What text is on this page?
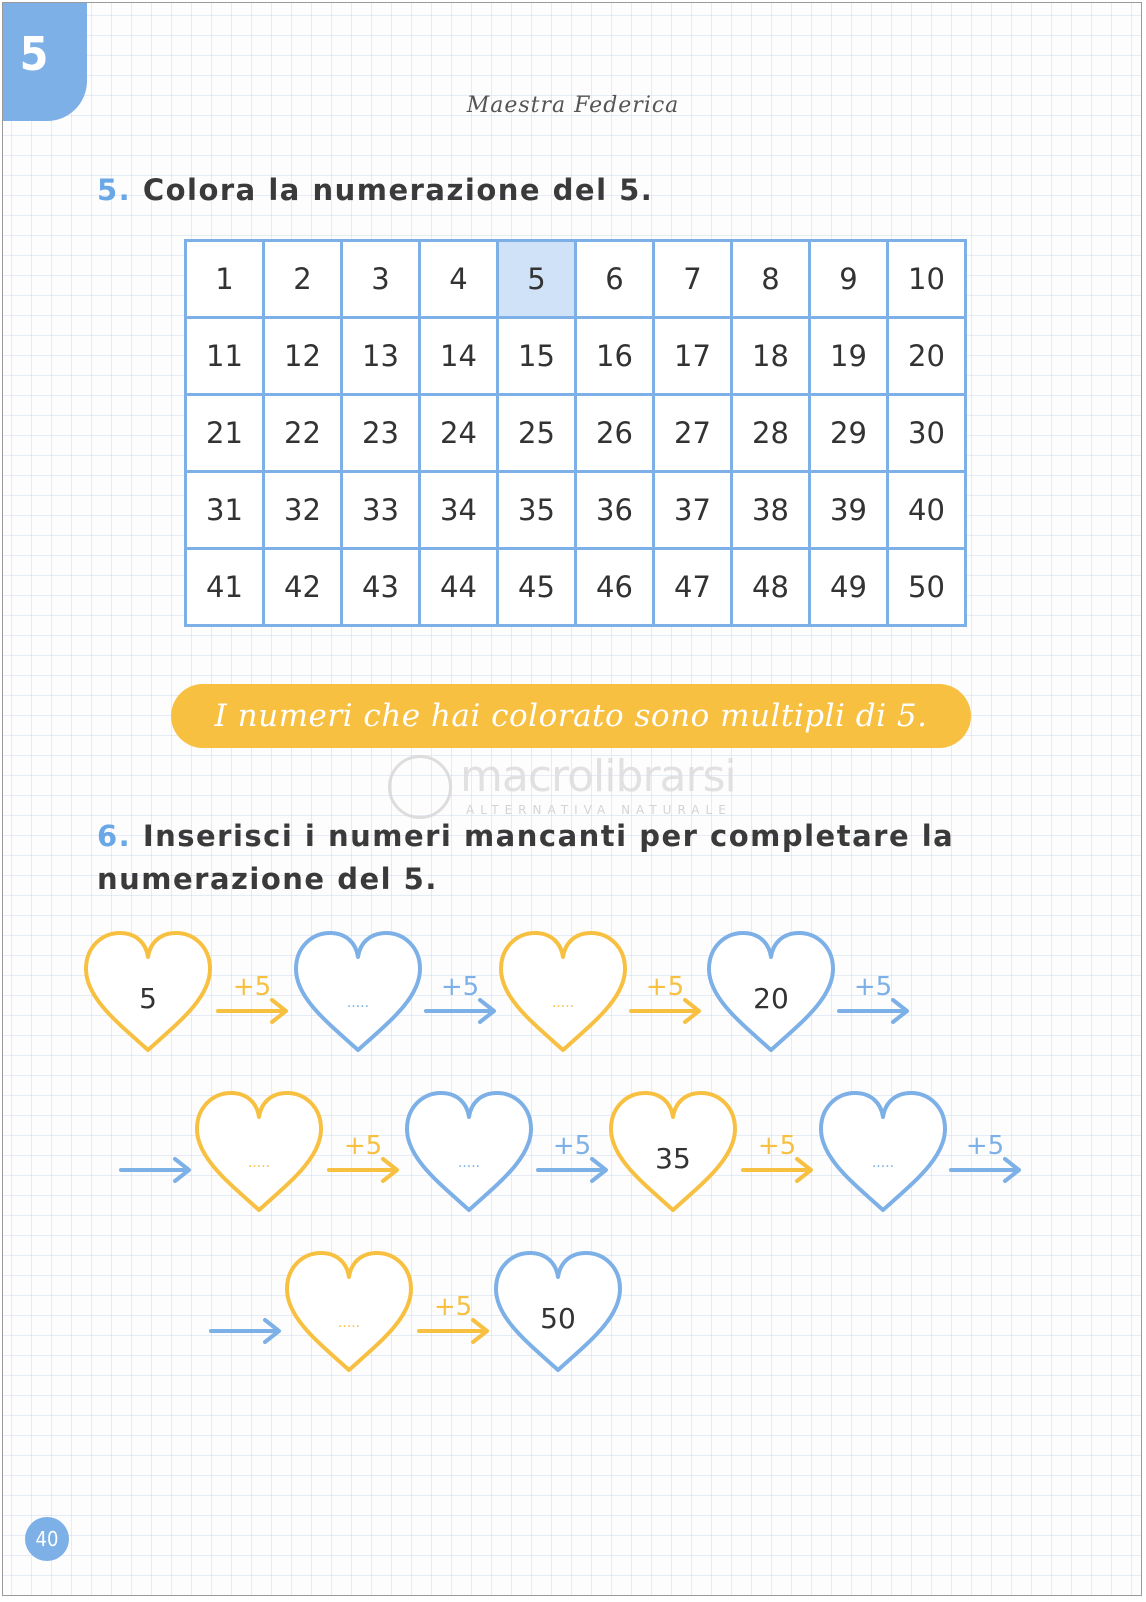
5
Maestra Federica
5. Colora la numerazione del 5.
1	2	3	4	5	6	7	8	9	10
11	12	13	14	15	16	17	18	19	20
21	22	23	24	25	26	27	28	29	30
31	32	33	34	35	36	37	38	39	40
41	42	43	44	45	46	47	48	49	50
I numeri che hai colorato sono multipli di 5.
macrolibrarsi
ALTERNATIVA NATURALE
6. Inserisci i numeri mancanti per completare la
numerazione del 5.
5	.....	.....	20
.....	.....	35	.....
.....	50
+5	+5	+5	+5
+5	+5	+5	+5
+5
40
